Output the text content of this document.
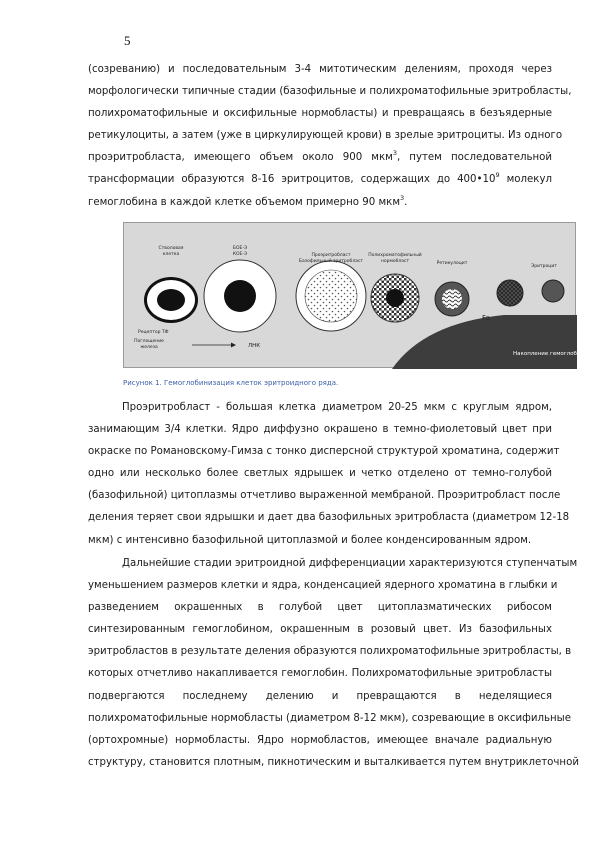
5
(созреванию) и последовательным 3-4 митотическим делениям, проходя через
морфологически типичные стадии (базофильные и полихроматофильные эритробласты,
полихроматофильные и оксифильные нормобласты) и превращаясь в безъядерные
ретикулоциты, а затем (уже в циркулирующей крови) в зрелые эритроциты. Из одного
проэритробласта, имеющего объем около 900 мкм$^3$, путем последовательной
трансформации образуются 8-16 эритроцитов, содержащих до $400•10^9$ молекул
гемоглобина в каждой клетке объемом примерно 90 мкм$^3$.
Стволовая клетка
БОЕ-Э КОЕ-Э	Проэритробласт Базофильный эритробласт
Полихроматофильный нормобласт	Ретикулоцит
Эритроцит
Рецептор ТФ
Поглощение железа	ЛНК
Fe
Накопление гемоглобина
Рисунок 1. Гемоглобинизация клеток эритроидного ряда.
Проэритробласт - большая клетка диаметром 20-25 мкм с круглым ядром,
занимающим 3/4 клетки. Ядро диффузно окрашено в темно-фиолетовый цвет при
окраске по Романовскому-Гимза с тонко дисперсной структурой хроматина, содержит
одно или несколько более светлых ядрышек и четко отделено от темно-голубой
(базофильной) цитоплазмы отчетливо выраженной мембраной. Проэритробласт после
деления теряет свои ядрышки и дает два базофильных эритробласта (диаметром 12-18
мкм) с интенсивно базофильной цитоплазмой и более конденсированным ядром.
Дальнейшие стадии эритроидной дифференциации характеризуются ступенчатым
уменьшением размеров клетки и ядра, конденсацией ядерного хроматина в глыбки и
разведением окрашенных в голубой цвет цитоплазматических рибосом
синтезированным гемоглобином, окрашенным в розовый цвет. Из базофильных
эритробластов в результате деления образуются полихроматофильные эритробласты, в
которых отчетливо накапливается гемоглобин. Полихроматофильные эритробласты
подвергаются последнему делению и превращаются в неделящиеся
полихроматофильные нормобласты (диаметром 8-12 мкм), созревающие в оксифильные
(ортохромные) нормобласты. Ядро нормобластов, имеющее вначале радиальную
структуру, становится плотным, пикнотическим и выталкивается путем внутриклеточной
